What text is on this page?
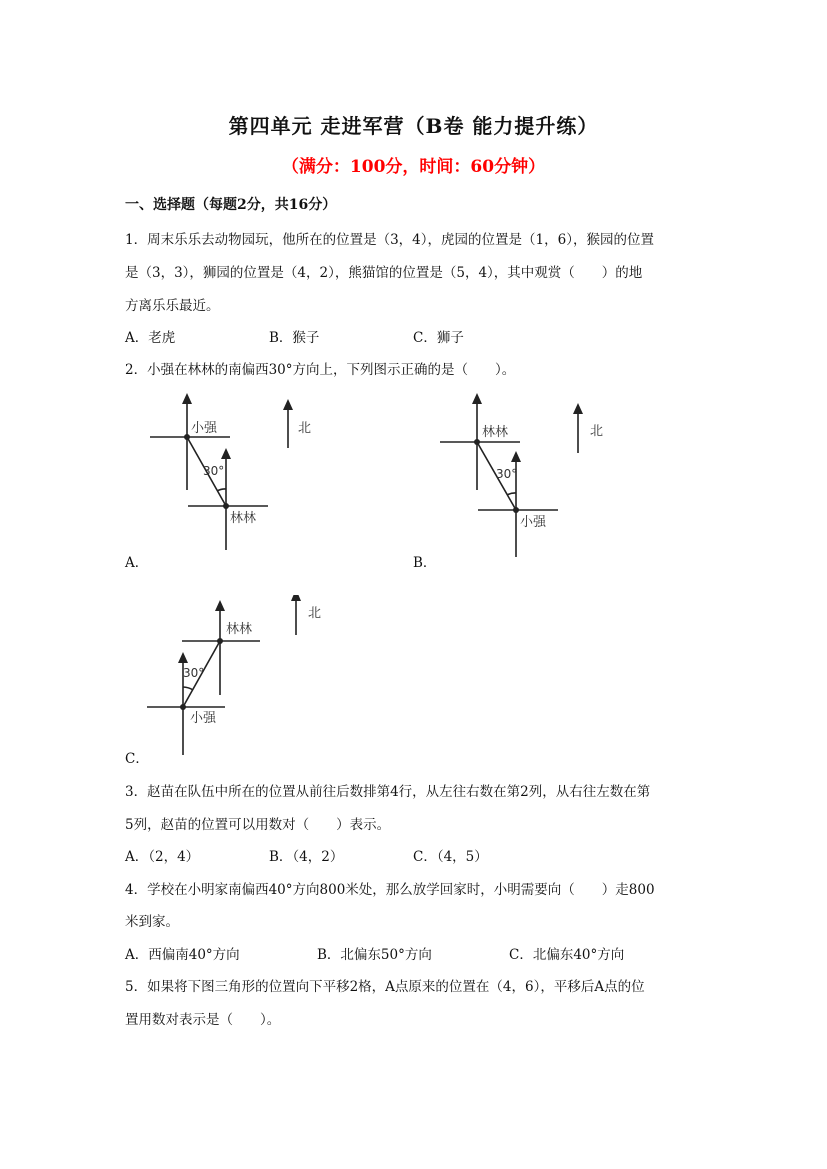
第四单元 走进军营（B卷 能力提升练）
（满分：100分，时间：60分钟）
一、选择题（每题2分，共16分）
1．周末乐乐去动物园玩，他所在的位置是（3，4），虎园的位置是（1，6），猴园的位置
是（3，3），狮园的位置是（4，2），熊猫馆的位置是（5，4），其中观赏（　　）的地
方离乐乐最近。
A．老虎	B．猴子	C．狮子
2．小强在林林的南偏西30°方向上，下列图示正确的是（　　）。
小强
林林
30°
北
A．
林林
小强
30°
北
B．
林林
小强
30°
北
C．
3．赵苗在队伍中所在的位置从前往后数排第4行，从左往右数在第2列，从右往左数在第
5列，赵苗的位置可以用数对（　　）表示。
A．（2，4）	B．（4，2）	C．（4，5）
4．学校在小明家南偏西40°方向800米处，那么放学回家时，小明需要向（　　）走800
米到家。
A．西偏南40°方向	B．北偏东50°方向	C．北偏东40°方向
5．如果将下图三角形的位置向下平移2格，A点原来的位置在（4，6），平移后A点的位
置用数对表示是（　　）。
